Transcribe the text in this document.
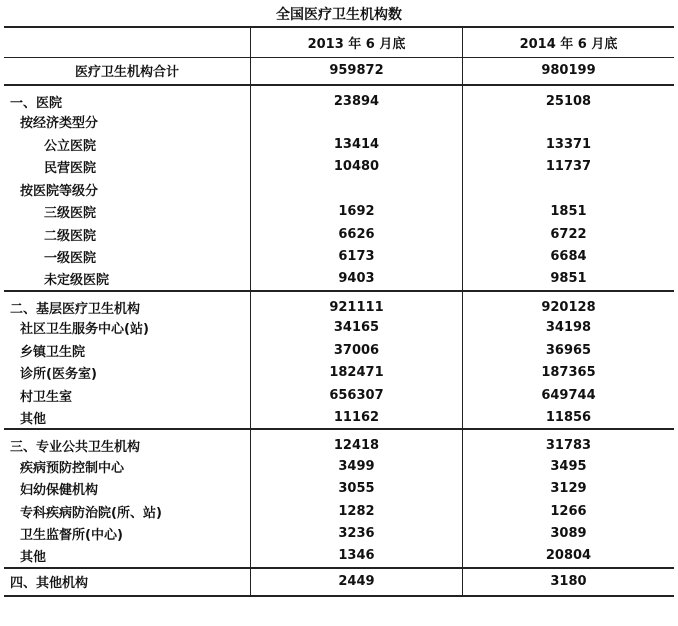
全国医疗卫生机构数
	2013 年 6 月底	2014 年 6 月底
医疗卫生机构合计	959872	980199
一、医院	23894	25108
按经济类型分		
公立医院	13414	13371
民营医院	10480	11737
按医院等级分		
三级医院	1692	1851
二级医院	6626	6722
一级医院	6173	6684
未定级医院	9403	9851
二、基层医疗卫生机构	921111	920128
社区卫生服务中心(站)	34165	34198
乡镇卫生院	37006	36965
诊所(医务室)	182471	187365
村卫生室	656307	649744
其他	11162	11856
三、专业公共卫生机构	12418	31783
疾病预防控制中心	3499	3495
妇幼保健机构	3055	3129
专科疾病防治院(所、站)	1282	1266
卫生监督所(中心)	3236	3089
其他	1346	20804
四、其他机构	2449	3180
